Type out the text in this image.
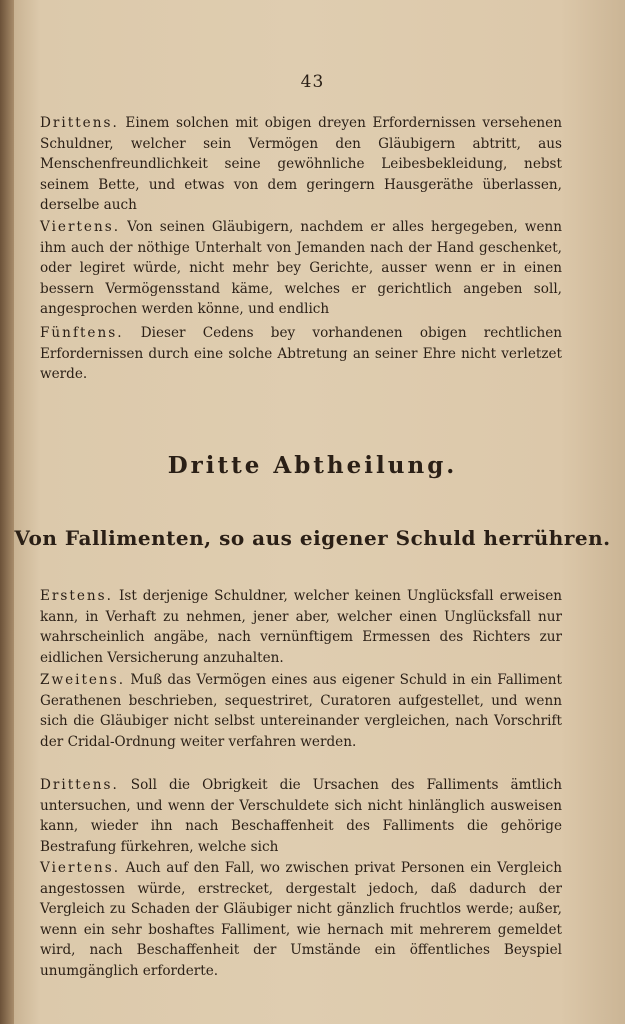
43
Drittens. Einem solchen mit obigen dreyen Erfordernissen versehenen Schuldner, welcher sein Vermögen den Gläubigern abtritt, aus Menschenfreundlichkeit seine gewöhnliche Leibesbekleidung, nebst seinem Bette, und etwas von dem geringern Hausgeräthe überlassen, derselbe auch
Viertens. Von seinen Gläubigern, nachdem er alles hergegeben, wenn ihm auch der nöthige Unterhalt von Jemanden nach der Hand geschenket, oder legiret würde, nicht mehr bey Gerichte, ausser wenn er in einen bessern Vermögensstand käme, welches er gerichtlich angeben soll, angesprochen werden könne, und endlich
Fünftens. Dieser Cedens bey vorhandenen obigen rechtlichen Erfordernissen durch eine solche Abtretung an seiner Ehre nicht verletzet werde.
Dritte Abtheilung.
Von Fallimenten, so aus eigener Schuld herrühren.
Erstens. Ist derjenige Schuldner, welcher keinen Unglücksfall erweisen kann, in Verhaft zu nehmen, jener aber, welcher einen Unglücksfall nur wahrscheinlich angäbe, nach vernünftigem Ermessen des Richters zur eidlichen Versicherung anzuhalten.
Zweitens. Muß das Vermögen eines aus eigener Schuld in ein Falliment Gerathenen beschrieben, sequestriret, Curatoren aufgestellet, und wenn sich die Gläubiger nicht selbst untereinander vergleichen, nach Vorschrift der Cridal-Ordnung weiter verfahren werden.
Drittens. Soll die Obrigkeit die Ursachen des Falliments ämtlich untersuchen, und wenn der Verschuldete sich nicht hinlänglich ausweisen kann, wieder ihn nach Beschaffenheit des Falliments die gehörige Bestrafung fürkehren, welche sich
Viertens. Auch auf den Fall, wo zwischen privat Personen ein Vergleich angestossen würde, erstrecket, dergestalt jedoch, daß dadurch der Vergleich zu Schaden der Gläubiger nicht gänzlich fruchtlos werde; außer, wenn ein sehr boshaftes Falliment, wie hernach mit mehrerem gemeldet wird, nach Beschaffenheit der Umstände ein öffentliches Beyspiel unumgänglich erforderte.
